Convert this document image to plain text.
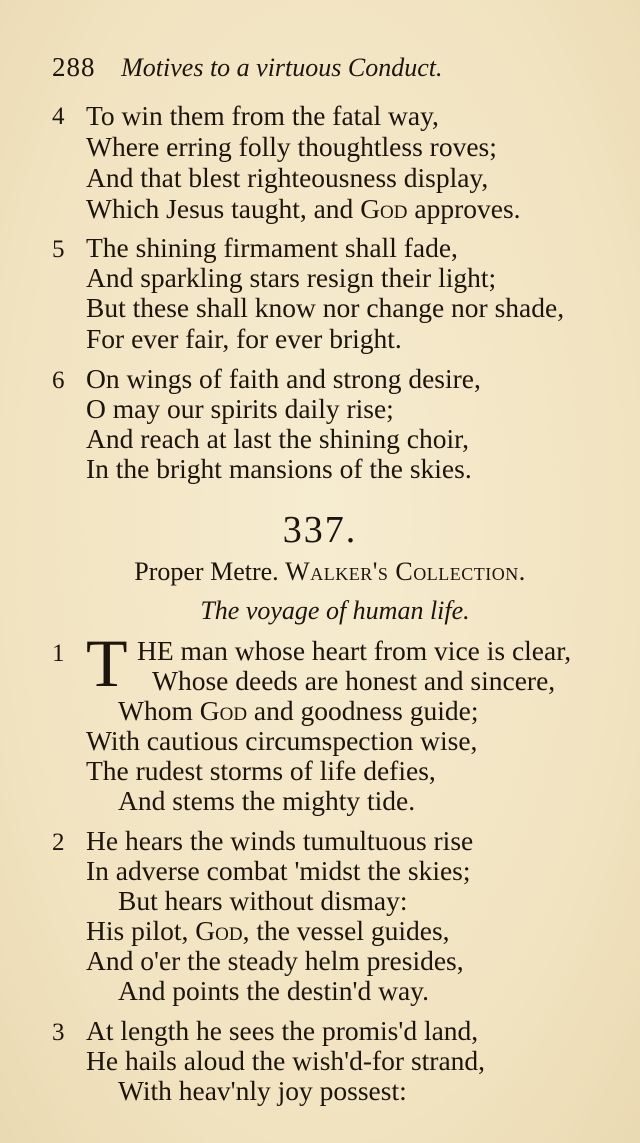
288 Motives to a virtuous Conduct.
4 To win them from the fatal way,
Where erring folly thoughtless roves;
And that blest righteousness display,
Which Jesus taught, and God approves.
5 The shining firmament shall fade,
And sparkling stars resign their light;
But these shall know nor change nor shade,
For ever fair, for ever bright.
6 On wings of faith and strong desire,
O may our spirits daily rise;
And reach at last the shining choir,
In the bright mansions of the skies.
337.
Proper Metre. Walker's Collection.
The voyage of human life.
1 T HE man whose heart from vice is clear,
Whose deeds are honest and sincere,
Whom God and goodness guide;
With cautious circumspection wise,
The rudest storms of life defies,
And stems the mighty tide.
2 He hears the winds tumultuous rise
In adverse combat 'midst the skies;
But hears without dismay:
His pilot, God, the vessel guides,
And o'er the steady helm presides,
And points the destin'd way.
3 At length he sees the promis'd land,
He hails aloud the wish'd-for strand,
With heav'nly joy possest:
